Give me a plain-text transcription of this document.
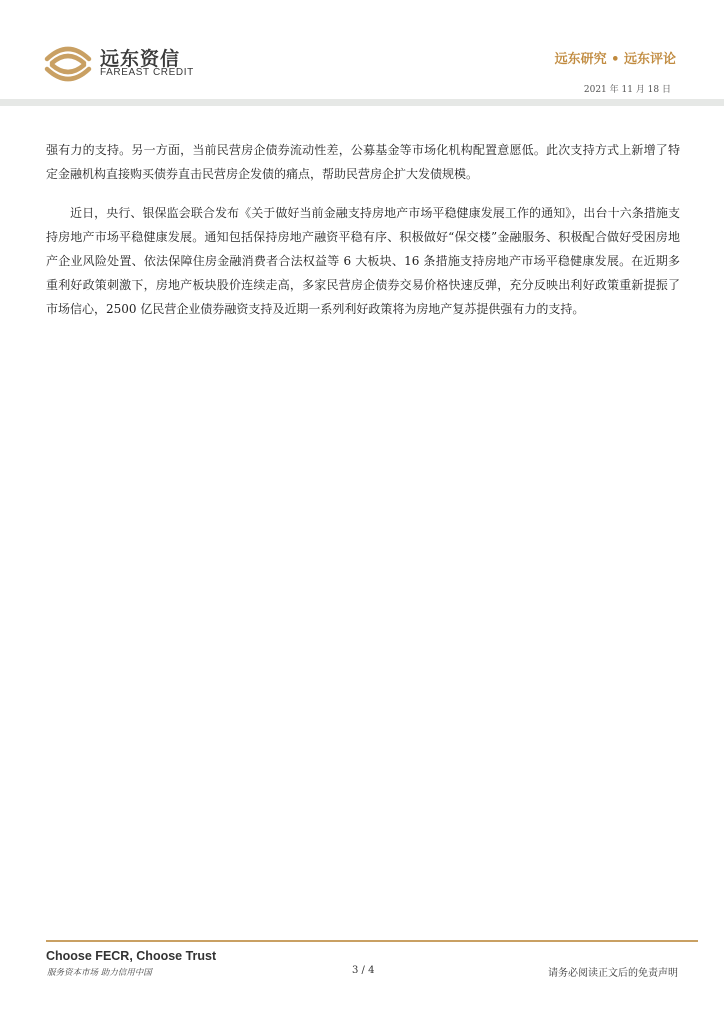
远东资信
FAREAST CREDIT
远东研究 • 远东评论
2021 年 11 月 18 日

强有力的支持。另一方面，当前民营房企债券流动性差，公募基金等市场化机构配置意愿低。此次支持方式上新增了特定金融机构直接购买债券直击民营房企发债的痛点，帮助民营房企扩大发债规模。

近日，央行、银保监会联合发布《关于做好当前金融支持房地产市场平稳健康发展工作的通知》，出台十六条措施支持房地产市场平稳健康发展。通知包括保持房地产融资平稳有序、积极做好“保交楼”金融服务、积极配合做好受困房地产企业风险处置、依法保障住房金融消费者合法权益等 6 大板块、16 条措施支持房地产市场平稳健康发展。在近期多重利好政策刺激下，房地产板块股价连续走高，多家民营房企债券交易价格快速反弹，充分反映出利好政策重新提振了市场信心，2500 亿民营企业债券融资支持及近期一系列利好政策将为房地产复苏提供强有力的支持。

Choose FECR, Choose Trust
服务资本市场 助力信用中国	3 / 4	请务必阅读正文后的免责声明
